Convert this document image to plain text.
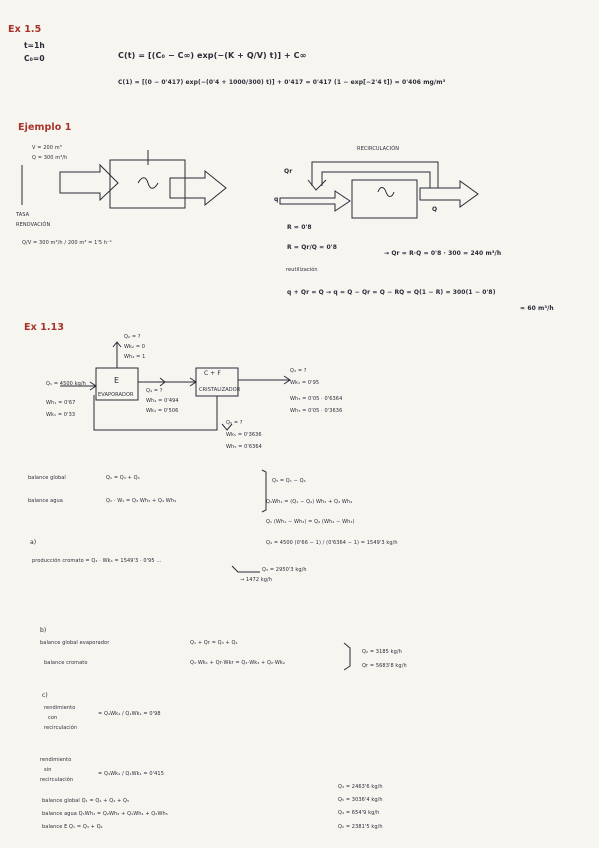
Ex 1.5
t=1h
C₀=0	C(t) = [(C₀ − C∞) exp(−(K + Q/V) t)] + C∞
C(1) = [(0 − 0'417) exp(−(0'4 + 1000/300) t)] + 0'417 = 0'417 (1 − exp[−2'4 t]) = 0'406 mg/m³
Ejemplo 1
V = 200 m³
Q = 300 m³/h
TASA
RENOVACIÓN
Q/V = 300 m³/h / 200 m³ = 1'5 h⁻¹
RECIRCULACIÓN
Qr
q
Q
R = 0'8
R = Qr/Q = 0'8
→ Qr = R·Q = 0'8 · 300 = 240 m³/h
reutilización
q + Qr = Q → q = Q − Qr = Q − RQ = Q(1 − R) = 300(1 − 0'8)
= 60 m³/h
Ex 1.13
Q₂ = ?
Wk₂ = 0
Wh₂ = 1
E
EVAPORADOR
C + F
CRISTALIZADOR
Q₁ = 4500 kg/h
Wh₁ = 0'67
Wk₁ = 0'33
Q₄ = ?
Wh₄ = 0'494
Wk₄ = 0'506
Q₃ = ?
Wk₃ = 0'95
Wh₃ = 0'05 · 0'6364
Wh₃ = 0'05 · 0'3636
Q₅ = ?
Wk₅ = 0'3636
Wh₅ = 0'6364
balance global	Q₁ = Q₃ + Q₄
balance agua	Q₁ · W₁ = Q₃ Wh₃ + Q₄ Wh₄
Q₃ = Q₁ − Q₄
Q₁Wh₁ = (Q₁ − Q₄) Wh₃ + Q₄ Wh₄
Q₁ (Wh₁ − Wh₃) = Q₄ (Wh₄ − Wh₃)
Q₄ = 4500 (0'66 − 1) / (0'6364 − 1) = 1549'3 kg/h
a)
producción cromato = Q₄ · Wk₄ = 1549'3 · 0'95 ...
Q₃ = 2950'3 kg/h
→ 1472 kg/h
b)
balance global evaporador	Q₁ + Qr = Q₃ + Q₂
balance cromato	Q₁·Wk₁ + Qr·Wkr = Q₃·Wk₃ + Q₂·Wk₂
Q₂ = 3185 kg/h
Qr = 5683'8 kg/h
c)
rendimiento
con
recirculación
= Q₄Wk₄ / Q₁Wk₁ = 0'98
rendimiento
sin
recirculación
= Q₄Wk₄ / Q₁Wk₁ = 0'415
balance global Q₁ = Q₂ + Q₄ + Q₅
balance agua Q₁Wh₁ = Q₂Wh₂ + Q₄Wh₄ + Q₅Wh₅
balance E Q₁ = Q₃ + Q₂
Q₃ = 2463'6 kg/h
Q₅ = 3036'4 kg/h
Q₄ = 654'9 kg/h
Q₂ = 2381'5 kg/h
